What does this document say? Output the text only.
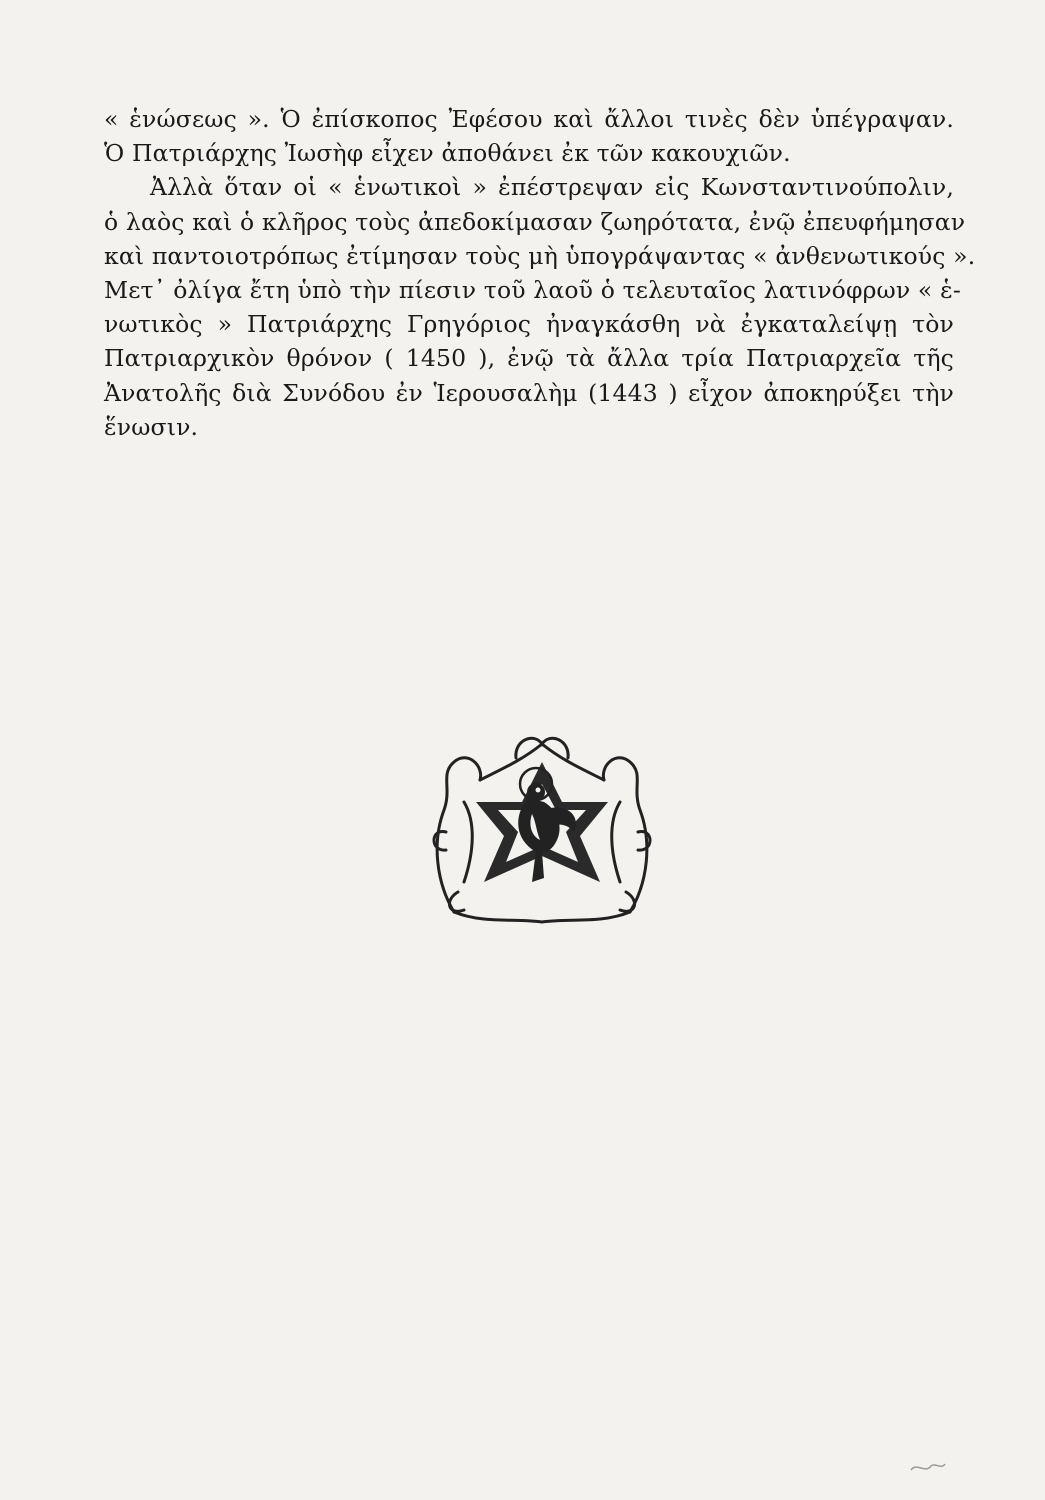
« ἑνώσεως ». Ὁ ἐπίσκοπος Ἐφέσου καὶ ἄλλοι τινὲς δὲν ὑπέγραψαν.
Ὁ Πατριάρχης Ἰωσὴφ εἶχεν ἀποθάνει ἐκ τῶν κακουχιῶν.
Ἀλλὰ ὅταν οἱ « ἑνωτικοὶ » ἐπέστρεψαν εἰς Κωνσταντινούπολιν,
ὁ λαὸς καὶ ὁ κλῆρος τοὺς ἀπεδοκίμασαν ζωηρότατα, ἐνῷ ἐπευφήμησαν
καὶ παντοιοτρόπως ἐτίμησαν τοὺς μὴ ὑπογράψαντας « ἀνθενωτικούς ».
Μετ᾽ ὀλίγα ἔτη ὑπὸ τὴν πίεσιν τοῦ λαοῦ ὁ τελευταῖος λατινόφρων « ἑ-
νωτικὸς » Πατριάρχης Γρηγόριος ἠναγκάσθη νὰ ἐγκαταλείψῃ τὸν
Πατριαρχικὸν θρόνον ( 1450 ), ἐνῷ τὰ ἄλλα τρία Πατριαρχεῖα τῆς
Ἀνατολῆς διὰ Συνόδου ἐν Ἱερουσαλὴμ (1443 ) εἶχον ἀποκηρύξει τὴν
ἕνωσιν.
